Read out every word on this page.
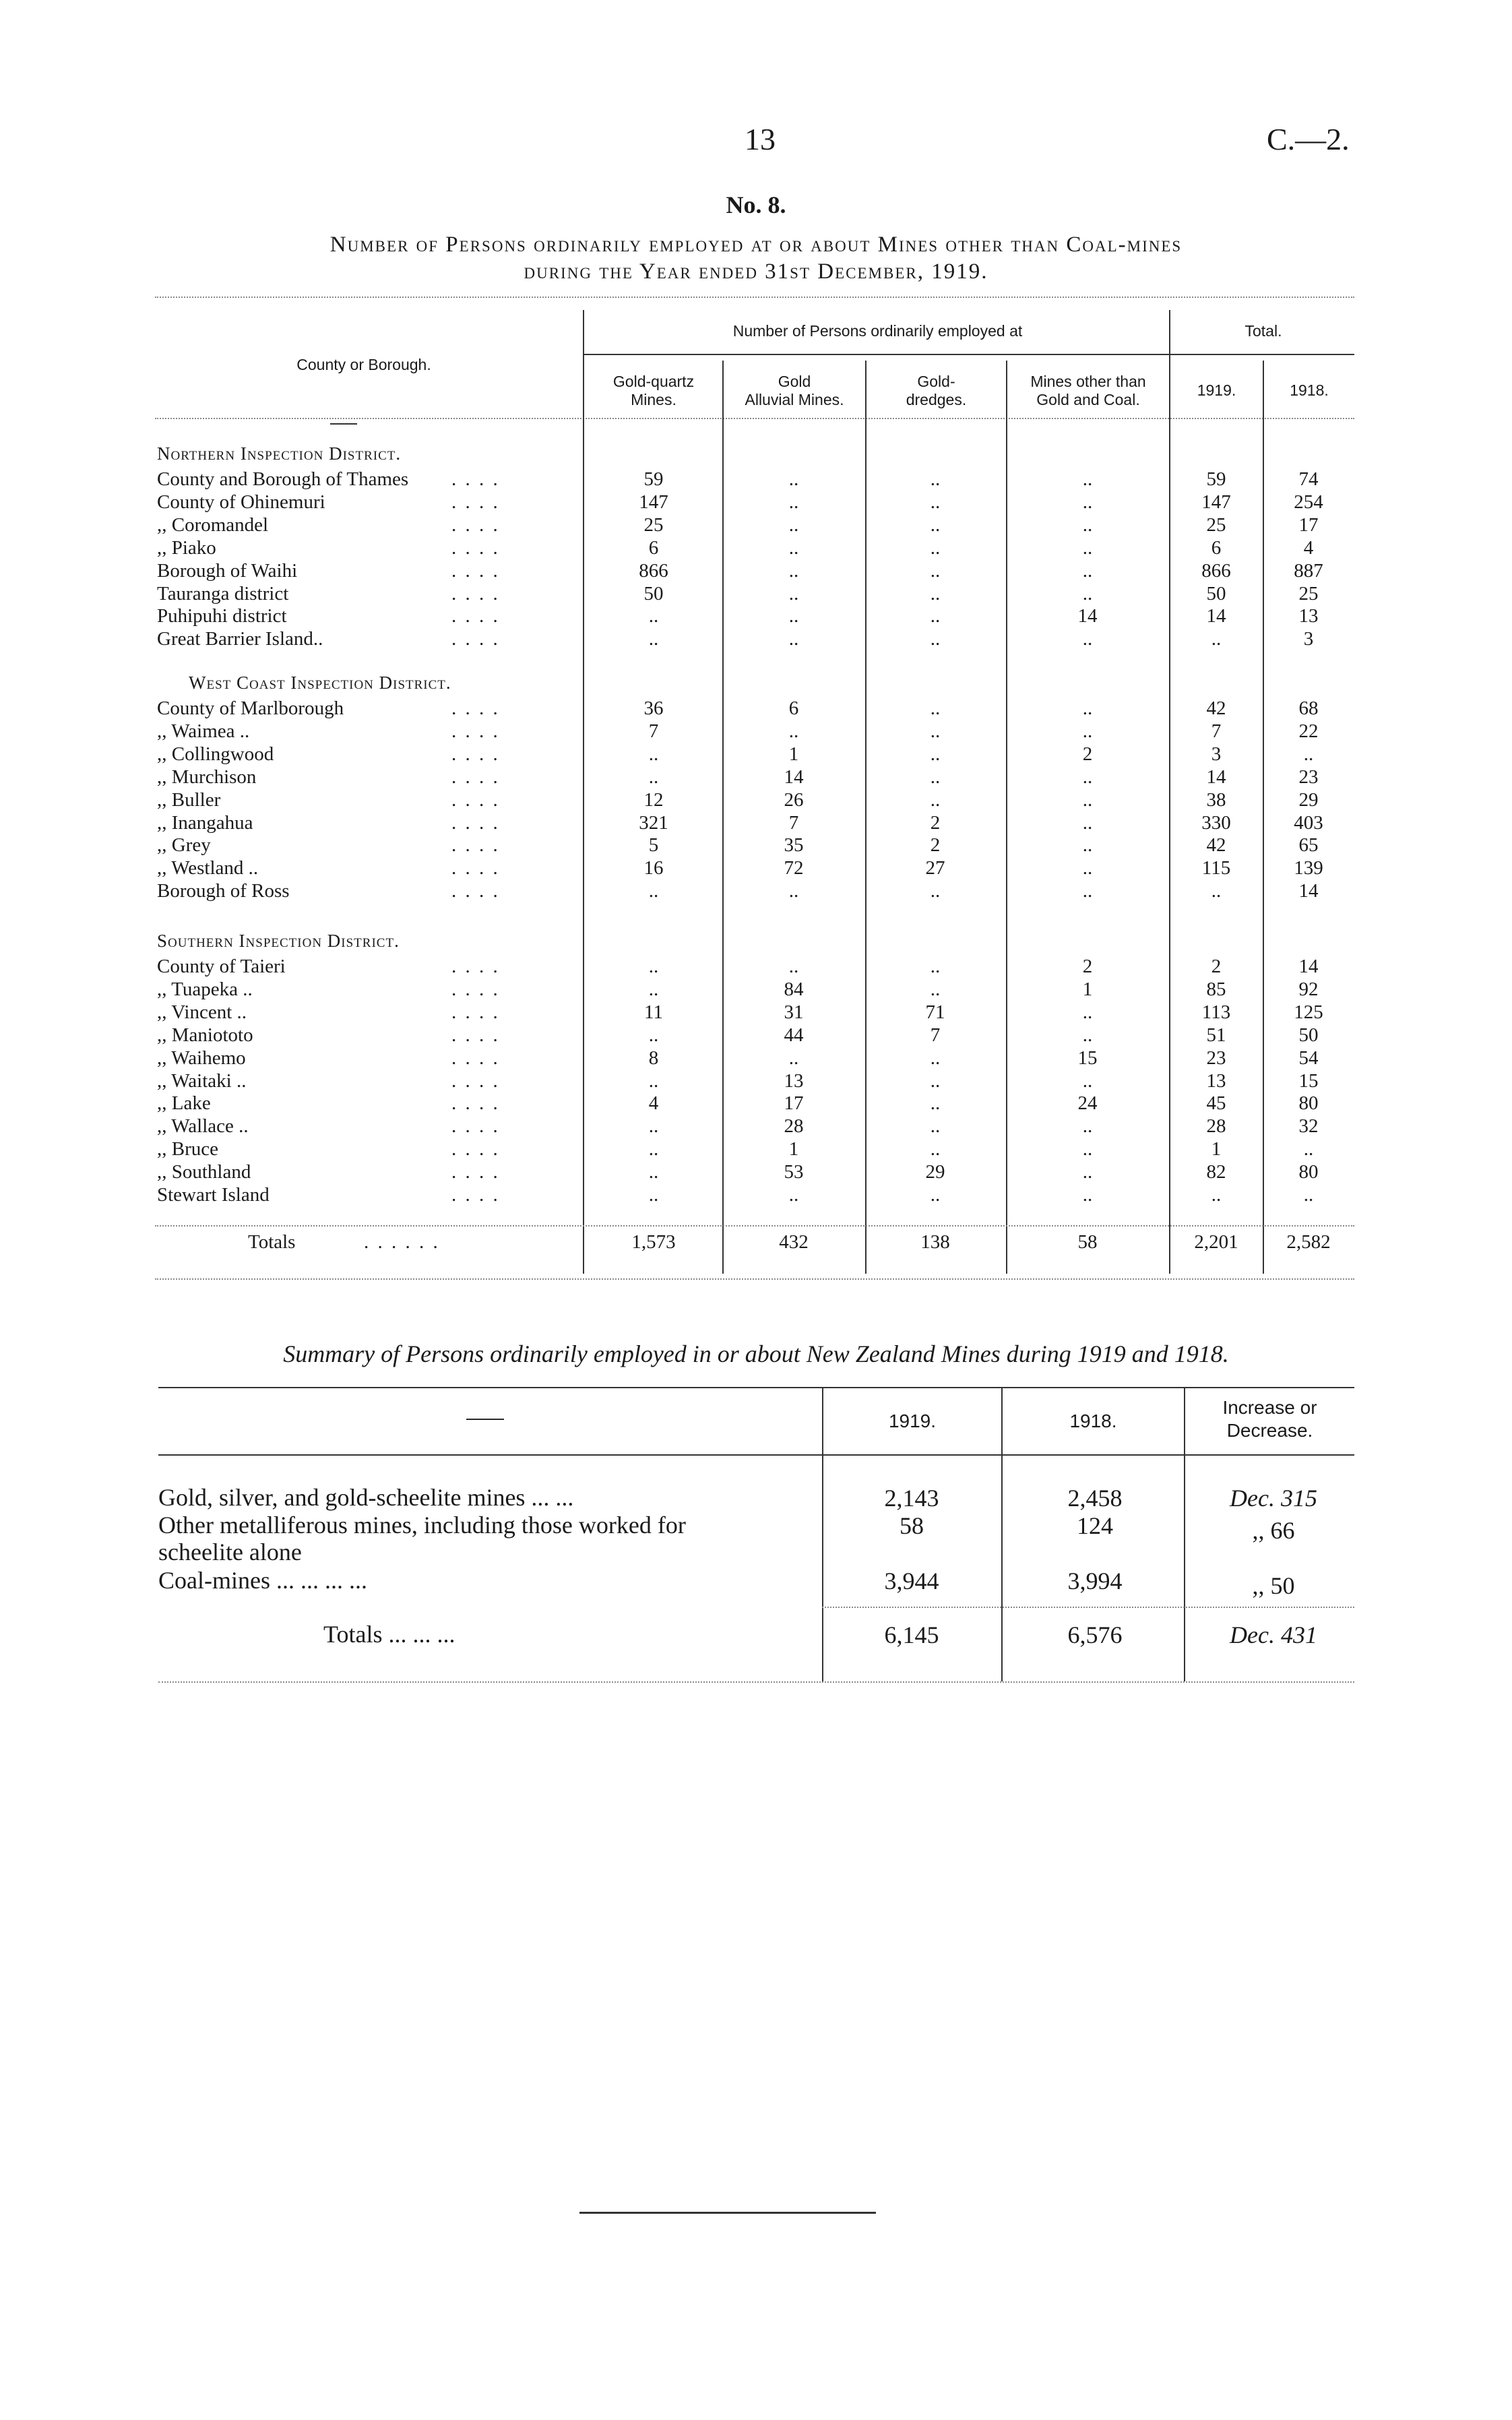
13	C.—2.
No. 8.
Number of Persons ordinarily employed at or about Mines other than Coal-mines
during the Year ended 31st December, 1919.
County or Borough.
Number of Persons ordinarily employed at	Total.
Gold-quartz
Mines.
Gold
Alluvial Mines.
Gold-
dredges.
Mines other than
Gold and Coal.
1919.	1918.
Northern Inspection District.
County and Borough of Thames . . . .	59	..	..	..	59	74
County of Ohinemuri	. . . .	147	..	..	..	147	254
,, Coromandel	. . . .	25	..	..	..	25	17
,, Piako	. . . .	6	..	..	..	6	4
Borough of Waihi	. . . .	866	..	..	..	866	887
Tauranga district	. . . .	50	..	..	..	50	25
Puhipuhi district	. . . .	..	..	..	14	14	13
Great Barrier Island..	. . . .	..	..	..	..	..	3
West Coast Inspection District.
County of Marlborough	. . . .	36	6	..	..	42	68
,, Waimea ..	. . . .	7	..	..	..	7	22
,, Collingwood	. . . .	..	1	..	2	3	..
,, Murchison	. . . .	..	14	..	..	14	23
,, Buller	. . . .	12	26	..	..	38	29
,, Inangahua	. . . .	321	7	2	..	330	403
,, Grey	. . . .	5	35	2	..	42	65
,, Westland ..	. . . .	16	72	27	..	115	139
Borough of Ross	. . . .	..	..	..	..	..	14
Southern Inspection District.
County of Taieri	. . . .	..	..	..	2	2	14
,, Tuapeka ..	. . . .	..	84	..	1	85	92
,, Vincent ..	. . . .	11	31	71	..	113	125
,, Maniototo	. . . .	..	44	7	..	51	50
,, Waihemo	. . . .	8	..	..	15	23	54
,, Waitaki ..	. . . .	..	13	..	..	13	15
,, Lake	. . . .	4	17	..	24	45	80
,, Wallace ..	. . . .	..	28	..	..	28	32
,, Bruce	. . . .	..	1	..	..	1	..
,, Southland	. . . .	..	53	29	..	82	80
Stewart Island	. . . .	..	..	..	..	..	..
Totals	. . . . . .	1,573	432	138	58	2,201	2,582
Summary of Persons ordinarily employed in or about New Zealand Mines during 1919 and 1918.
——	1919.	1918.
Increase or
Decrease.
Gold, silver, and gold-scheelite mines ... ...	2,143	2,458	Dec. 315
Other metalliferous mines, including those worked for
scheelite alone
58	124	,, 66
Coal-mines ... ... ... ...	3,944	3,994	,, 50
Totals ... ... ...	6,145	6,576	Dec. 431
